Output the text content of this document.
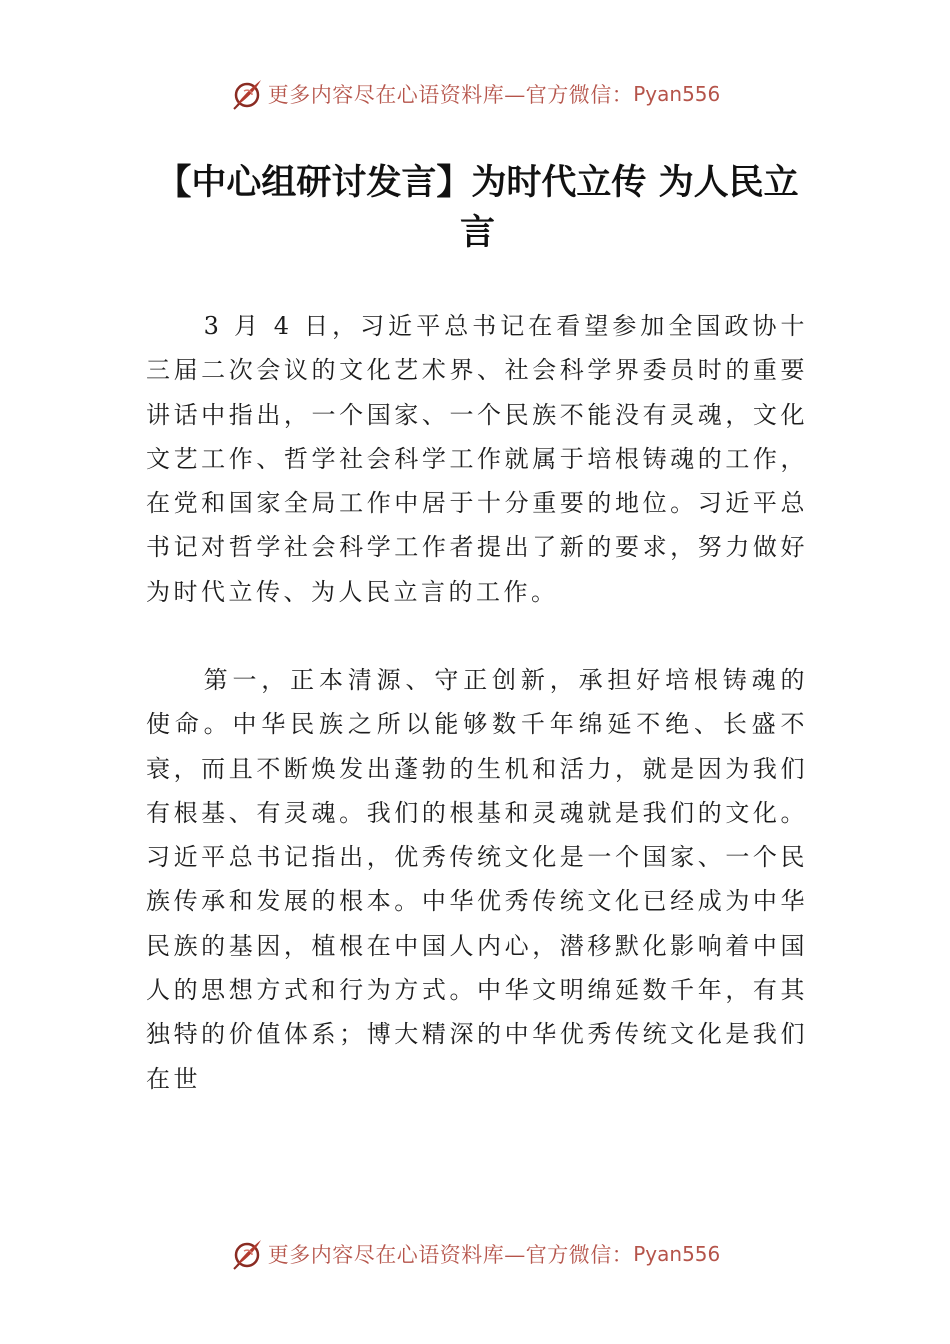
更多内容尽在心语资料库—官方微信： Pyan556
【中心组研讨发言】为时代立传 为人民立言

3 月 4 日，习近平总书记在看望参加全国政协十三届二次会议的文化艺术界、社会科学界委员时的重要讲话中指出，一个国家、一个民族不能没有灵魂，文化文艺工作、哲学社会科学工作就属于培根铸魂的工作，在党和国家全局工作中居于十分重要的地位。习近平总书记对哲学社会科学工作者提出了新的要求，努力做好为时代立传、为人民立言的工作。

第一，正本清源、守正创新，承担好培根铸魂的使命。中华民族之所以能够数千年绵延不绝、长盛不衰，而且不断焕发出蓬勃的生机和活力，就是因为我们有根基、有灵魂。我们的根基和灵魂就是我们的文化。习近平总书记指出，优秀传统文化是一个国家、一个民族传承和发展的根本。中华优秀传统文化已经成为中华民族的基因，植根在中国人内心，潜移默化影响着中国人的思想方式和行为方式。中华文明绵延数千年，有其独特的价值体系；博大精深的中华优秀传统文化是我们在世

更多内容尽在心语资料库—官方微信： Pyan556
